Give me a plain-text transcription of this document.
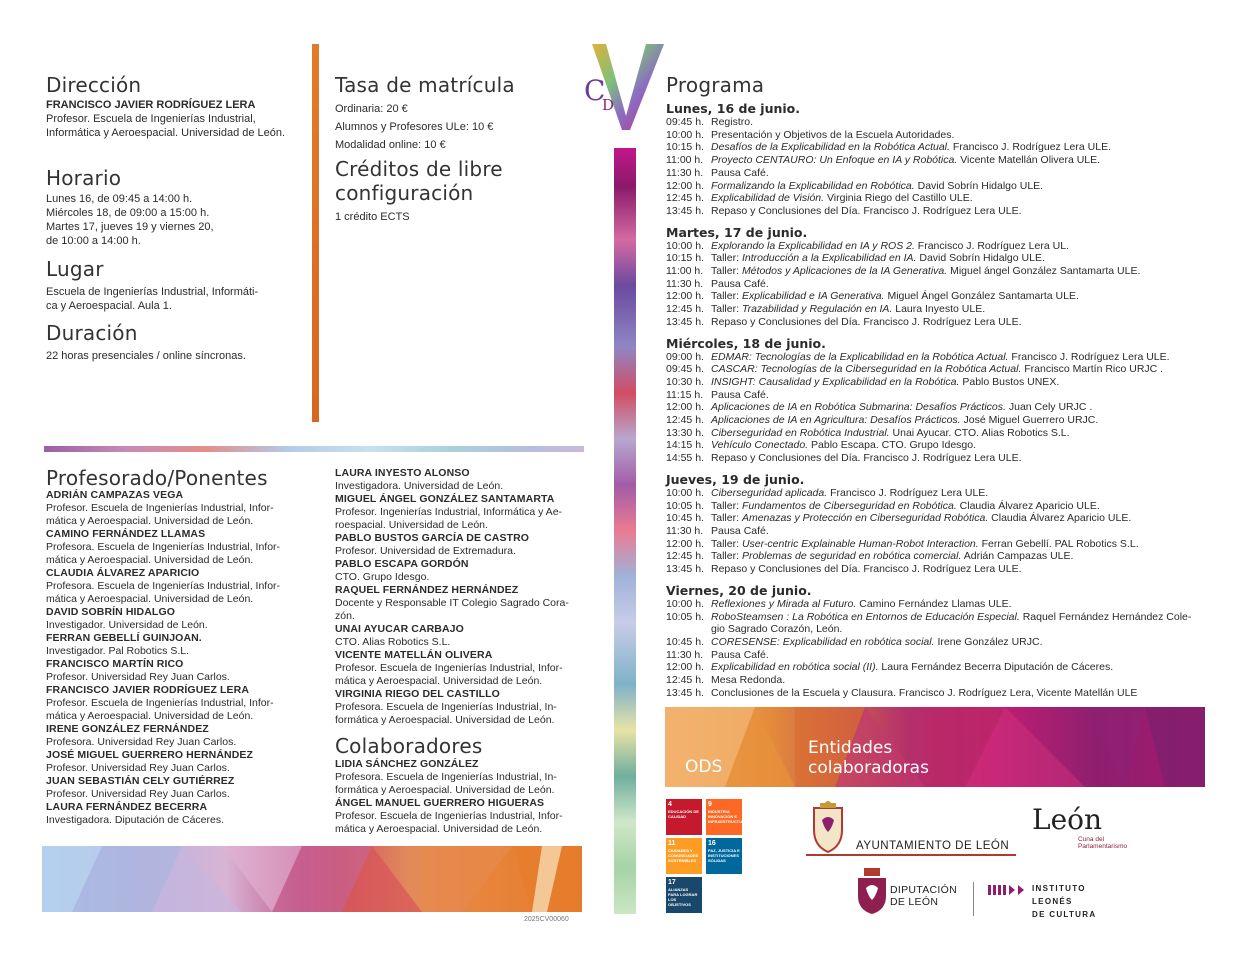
Dirección
FRANCISCO JAVIER RODRÍGUEZ LERA
Profesor. Escuela de Ingenierías Industrial, Informática y Aeroespacial. Universidad de León.
Horario
Lunes 16, de 09:45 a 14:00 h.
Miércoles 18, de 09:00 a 15:00 h.
Martes 17, jueves 19 y viernes 20,
de 10:00 a 14:00 h.
Lugar
Escuela de Ingenierías Industrial, Informáti-
ca y Aeroespacial. Aula 1.
Duración
22 horas presenciales / online síncronas.
Tasa de matrícula
Ordinaria: 20 €
Alumnos y Profesores ULe: 10 €
Modalidad online: 10 €
Créditos de libre
configuración
1 crédito ECTS
C
D
Profesorado/Ponentes
ADRIÁN CAMPAZAS VEGA
Profesor. Escuela de Ingenierías Industrial, Infor-
mática y Aeroespacial. Universidad de León.
CAMINO FERNÁNDEZ LLAMAS
Profesora. Escuela de Ingenierías Industrial, Infor-
mática y Aeroespacial. Universidad de León.
CLAUDIA ÁLVAREZ APARICIO
Profesora. Escuela de Ingenierías Industrial, Infor-
mática y Aeroespacial. Universidad de León.
DAVID SOBRÍN HIDALGO
Investigador. Universidad de León.
FERRAN GEBELLÍ GUINJOAN.
Investigador. Pal Robotics S.L.
FRANCISCO MARTÍN RICO
Profesor. Universidad Rey Juan Carlos.
FRANCISCO JAVIER RODRÍGUEZ LERA
Profesor. Escuela de Ingenierías Industrial, Infor-
mática y Aeroespacial. Universidad de León.
IRENE GONZÁLEZ FERNÁNDEZ
Profesora. Universidad Rey Juan Carlos.
JOSÉ MIGUEL GUERRERO HERNÁNDEZ
Profesor. Universidad Rey Juan Carlos.
JUAN SEBASTIÁN CELY GUTIÉRREZ
Profesor. Universidad Rey Juan Carlos.
LAURA FERNÁNDEZ BECERRA
Investigadora. Diputación de Cáceres.
LAURA INYESTO ALONSO
Investigadora. Universidad de León.
MIGUEL ÁNGEL GONZÁLEZ SANTAMARTA
Profesor. Ingenierías Industrial, Informática y Ae-
roespacial. Universidad de León.
PABLO BUSTOS GARCÍA DE CASTRO
Profesor. Universidad de Extremadura.
PABLO ESCAPA GORDÓN
CTO. Grupo Idesgo.
RAQUEL FERNÁNDEZ HERNÁNDEZ
Docente y Responsable IT Colegio Sagrado Cora-
zón.
UNAI AYUCAR CARBAJO
CTO. Alias Robotics S.L.
VICENTE MATELLÁN OLIVERA
Profesor. Escuela de Ingenierías Industrial, Infor-
mática y Aeroespacial. Universidad de León.
VIRGINIA RIEGO DEL CASTILLO
Profesora. Escuela de Ingenierías Industrial, In-
formática y Aeroespacial. Universidad de León.
Colaboradores
LIDIA SÁNCHEZ GONZÁLEZ
Profesora. Escuela de Ingenierías Industrial, In-
formática y Aeroespacial. Universidad de León.
ÁNGEL MANUEL GUERRERO HIGUERAS
Profesor. Escuela de Ingenierías Industrial, Infor-
mática y Aeroespacial. Universidad de León.
2025CV00060
Programa
Lunes, 16 de junio.
09:45 h. Registro.
10:00 h. Presentación y Objetivos de la Escuela Autoridades.
10:15 h. Desafíos de la Explicabilidad en la Robótica Actual. Francisco J. Rodríguez Lera ULE.
11:00 h. Proyecto CENTAURO: Un Enfoque en IA y Robótica. Vicente Matellán Olivera ULE.
11:30 h. Pausa Café.
12:00 h. Formalizando la Explicabilidad en Robótica. David Sobrín Hidalgo ULE.
12:45 h. Explicabilidad de Visión. Virginia Riego del Castillo ULE.
13:45 h. Repaso y Conclusiones del Día. Francisco J. Rodríguez Lera ULE.
Martes, 17 de junio.
10:00 h. Explorando la Explicabilidad en IA y ROS 2. Francisco J. Rodríguez Lera UL.
10:15 h. Taller: Introducción a la Explicabilidad en IA. David Sobrín Hidalgo ULE.
11:00 h. Taller: Métodos y Aplicaciones de la IA Generativa. Miguel ángel González Santamarta ULE.
11:30 h. Pausa Café.
12:00 h. Taller: Explicabilidad e IA Generativa. Miguel Ángel González Santamarta ULE.
12:45 h. Taller: Trazabilidad y Regulación en IA. Laura Inyesto ULE.
13:45 h. Repaso y Conclusiones del Día. Francisco J. Rodríguez Lera ULE.
Miércoles, 18 de junio.
09:00 h. EDMAR: Tecnologías de la Explicabilidad en la Robótica Actual. Francisco J. Rodríguez Lera ULE.
09:45 h. CASCAR: Tecnologías de la Ciberseguridad en la Robótica Actual. Francisco Martín Rico URJC .
10:30 h. INSIGHT: Causalidad y Explicabilidad en la Robótica. Pablo Bustos UNEX.
11:15 h. Pausa Café.
12:00 h. Aplicaciones de IA en Robótica Submarina: Desafíos Prácticos. Juan Cely URJC .
12:45 h. Aplicaciones de IA en Agricultura: Desafíos Prácticos. José Miguel Guerrero URJC.
13:30 h. Ciberseguridad en Robótica Industrial. Unai Ayucar. CTO. Alias Robotics S.L.
14:15 h. Vehículo Conectado. Pablo Escapa. CTO. Grupo Idesgo.
14:55 h. Repaso y Conclusiones del Día. Francisco J. Rodríguez Lera ULE.
Jueves, 19 de junio.
10:00 h. Ciberseguridad aplicada. Francisco J. Rodríguez Lera ULE.
10:05 h. Taller: Fundamentos de Ciberseguridad en Robótica. Claudia Álvarez Aparicio ULE.
10:45 h. Taller: Amenazas y Protección en Ciberseguridad Robótica. Claudia Álvarez Aparicio ULE.
11:30 h. Pausa Café.
12:00 h. Taller: User-centric Explainable Human-Robot Interaction. Ferran Gebellí. PAL Robotics S.L.
12:45 h. Taller: Problemas de seguridad en robótica comercial. Adrián Campazas ULE.
13:45 h. Repaso y Conclusiones del Día. Francisco J. Rodríguez Lera ULE.
Viernes, 20 de junio.
10:00 h. Reflexiones y Mirada al Futuro. Camino Fernández Llamas ULE.
10:05 h. RoboSteamsen : La Robótica en Entornos de Educación Especial. Raquel Fernández Hernández Cole-
gio Sagrado Corazón, León.
10:45 h. CORESENSE: Explicabilidad en robótica social. Irene González URJC.
11:30 h. Pausa Café.
12:00 h. Explicabilidad en robótica social (II). Laura Fernández Becerra Diputación de Cáceres.
12:45 h. Mesa Redonda.
13:45 h. Conclusiones de la Escuela y Clausura. Francisco J. Rodríguez Lera, Vicente Matellán ULE
ODS
Entidades
colaboradoras
4
EDUCACIÓN DE CALIDAD
9
INDUSTRIA INNOVACIÓN E INFRAESTRUCTURA
11
CIUDADES Y COMUNIDADES SOSTENIBLES
16
PAZ, JUSTICIA E INSTITUCIONES SÓLIDAS
17
ALIANZAS PARA LOGRAR LOS OBJETIVOS
AYUNTAMIENTO DE LEÓN
León
Cuna del
Parlamentarismo
DIPUTACIÓN
DE LEÓN
INSTITUTO
LEONÉS
DE CULTURA
